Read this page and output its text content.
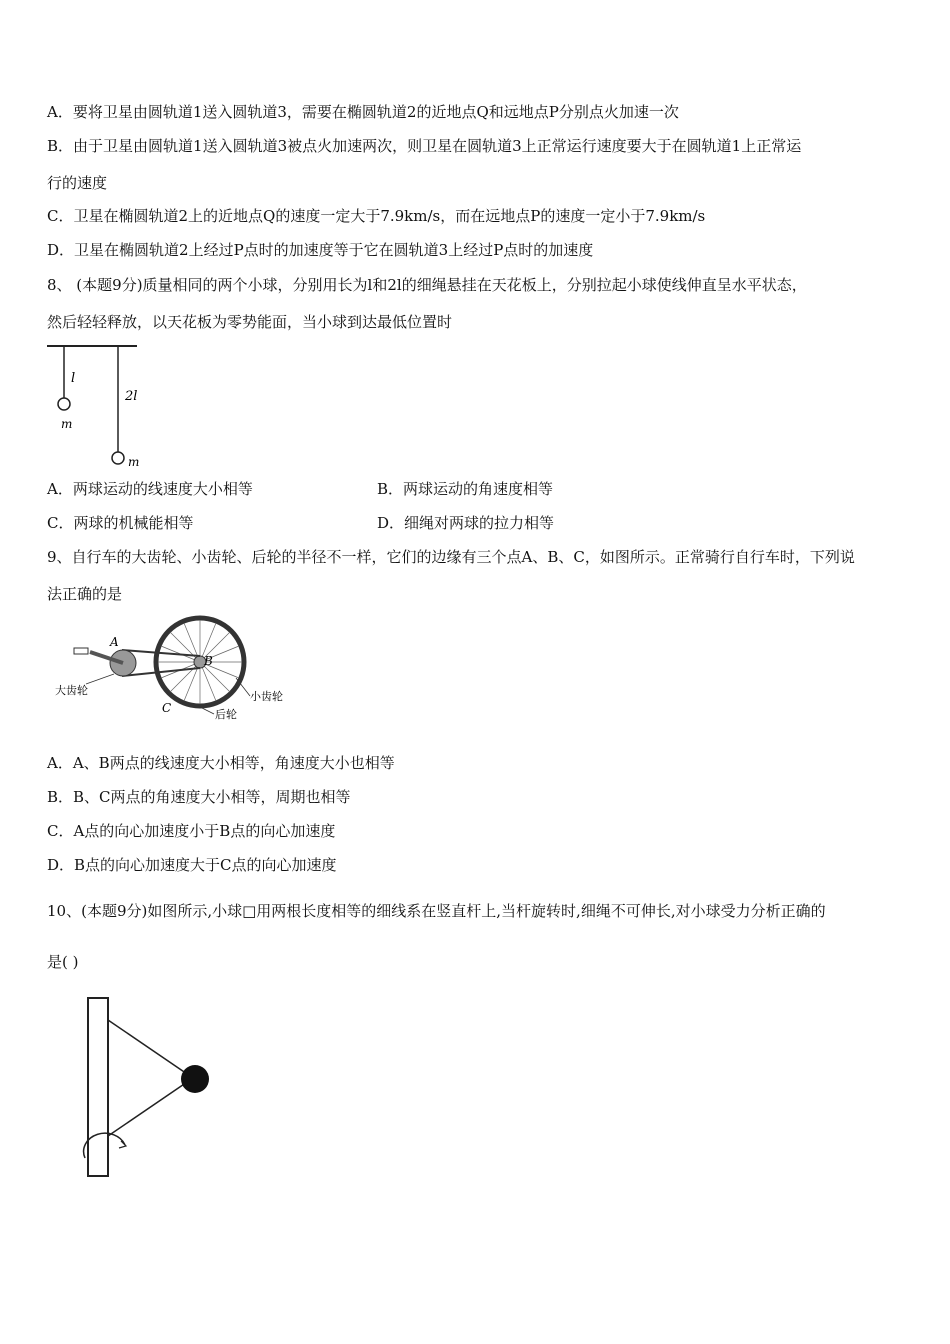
A．要将卫星由圆轨道1送入圆轨道3，需要在椭圆轨道2的近地点Q和远地点P分别点火加速一次
B．由于卫星由圆轨道1送入圆轨道3被点火加速两次，则卫星在圆轨道3上正常运行速度要大于在圆轨道1上正常运
行的速度
C．卫星在椭圆轨道2上的近地点Q的速度一定大于7.9km/s，而在远地点P的速度一定小于7.9km/s
D．卫星在椭圆轨道2上经过P点时的加速度等于它在圆轨道3上经过P点时的加速度
8、 (本题9分)质量相同的两个小球，分别用长为l和2l的细绳悬挂在天花板上，分别拉起小球使线伸直呈水平状态，
然后轻轻释放，以天花板为零势能面，当小球到达最低位置时
l
2l
m
m
A．两球运动的线速度大小相等	B．两球运动的角速度相等
C．两球的机械能相等	D．细绳对两球的拉力相等
9、自行车的大齿轮、小齿轮、后轮的半径不一样，它们的边缘有三个点A、B、C，如图所示。正常骑行自行车时，下列说
法正确的是
A
B
C
大齿轮	小齿轮
后轮
A．A、B两点的线速度大小相等，角速度大小也相等
B．B、C两点的角速度大小相等，周期也相等
C．A点的向心加速度小于B点的向心加速度
D．B点的向心加速度大于C点的向心加速度
10、(本题9分)如图所示,小球□用两根长度相等的细线系在竖直杆上,当杆旋转时,细绳不可伸长,对小球受力分析正确的
是( )
